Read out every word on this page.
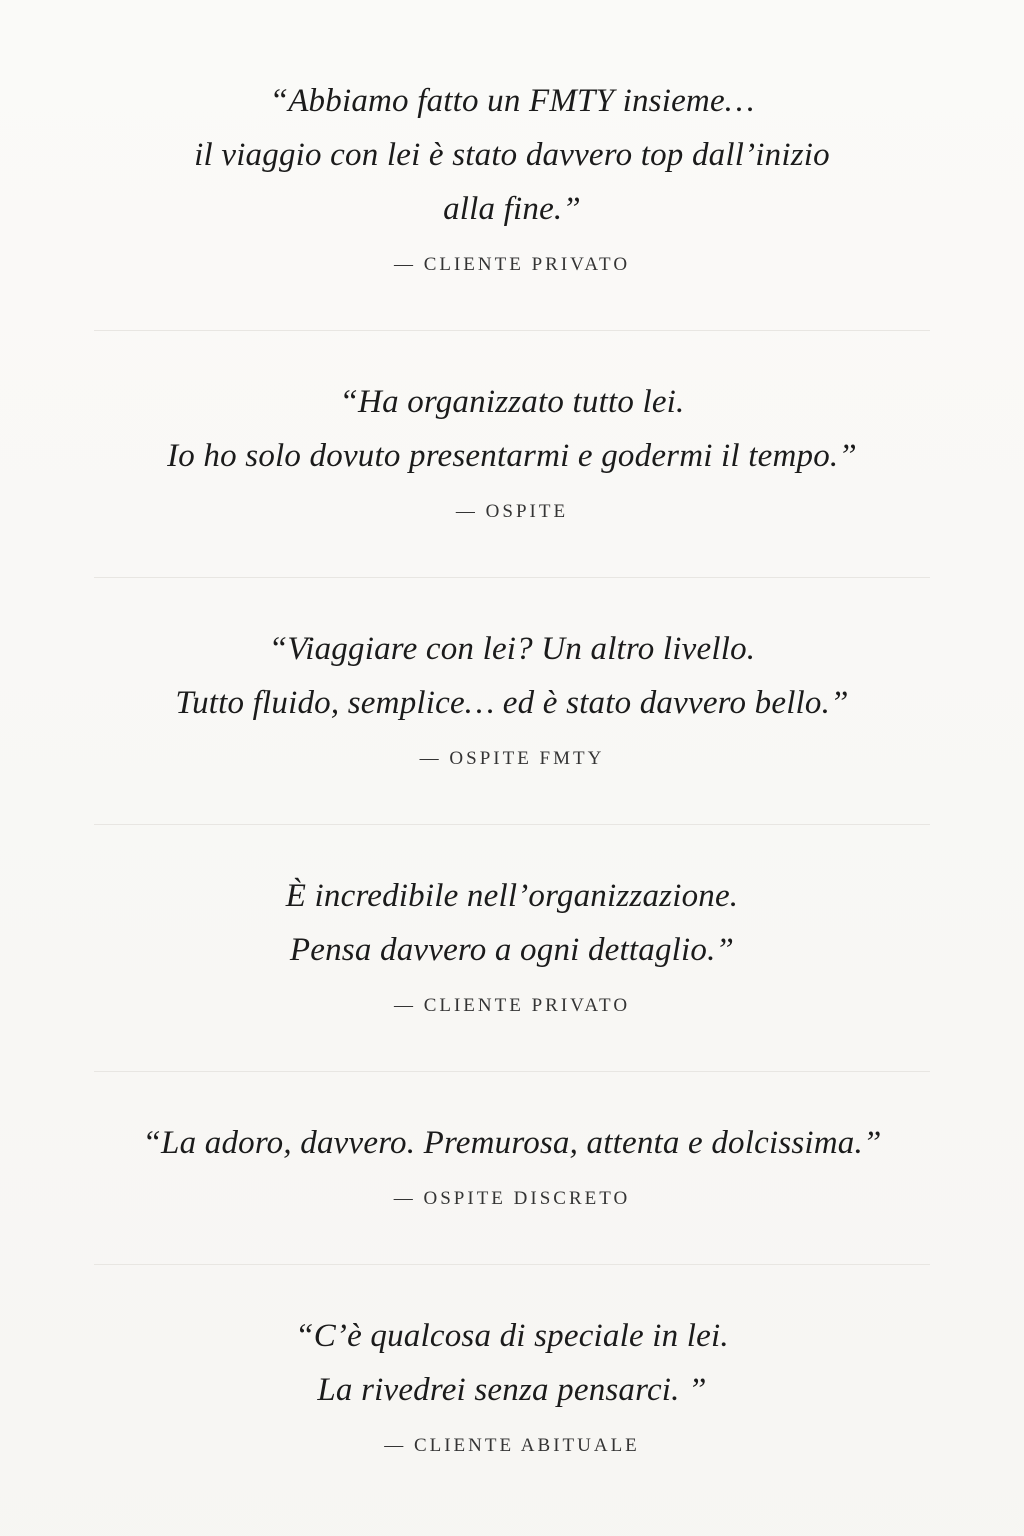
“Abbiamo fatto un FMTY insieme…
il viaggio con lei è stato davvero top dall’inizio
alla fine.”
— CLIENTE PRIVATO
“Ha organizzato tutto lei.
Io ho solo dovuto presentarmi e godermi il tempo.”
— OSPITE
“Viaggiare con lei? Un altro livello.
Tutto fluido, semplice… ed è stato davvero bello.”
— OSPITE FMTY
È incredibile nell’organizzazione.
Pensa davvero a ogni dettaglio.”
— CLIENTE PRIVATO
“La adoro, davvero. Premurosa, attenta e dolcissima.”
— OSPITE DISCRETO
“C’è qualcosa di speciale in lei.
La rivedrei senza pensarci. ”
— CLIENTE ABITUALE
